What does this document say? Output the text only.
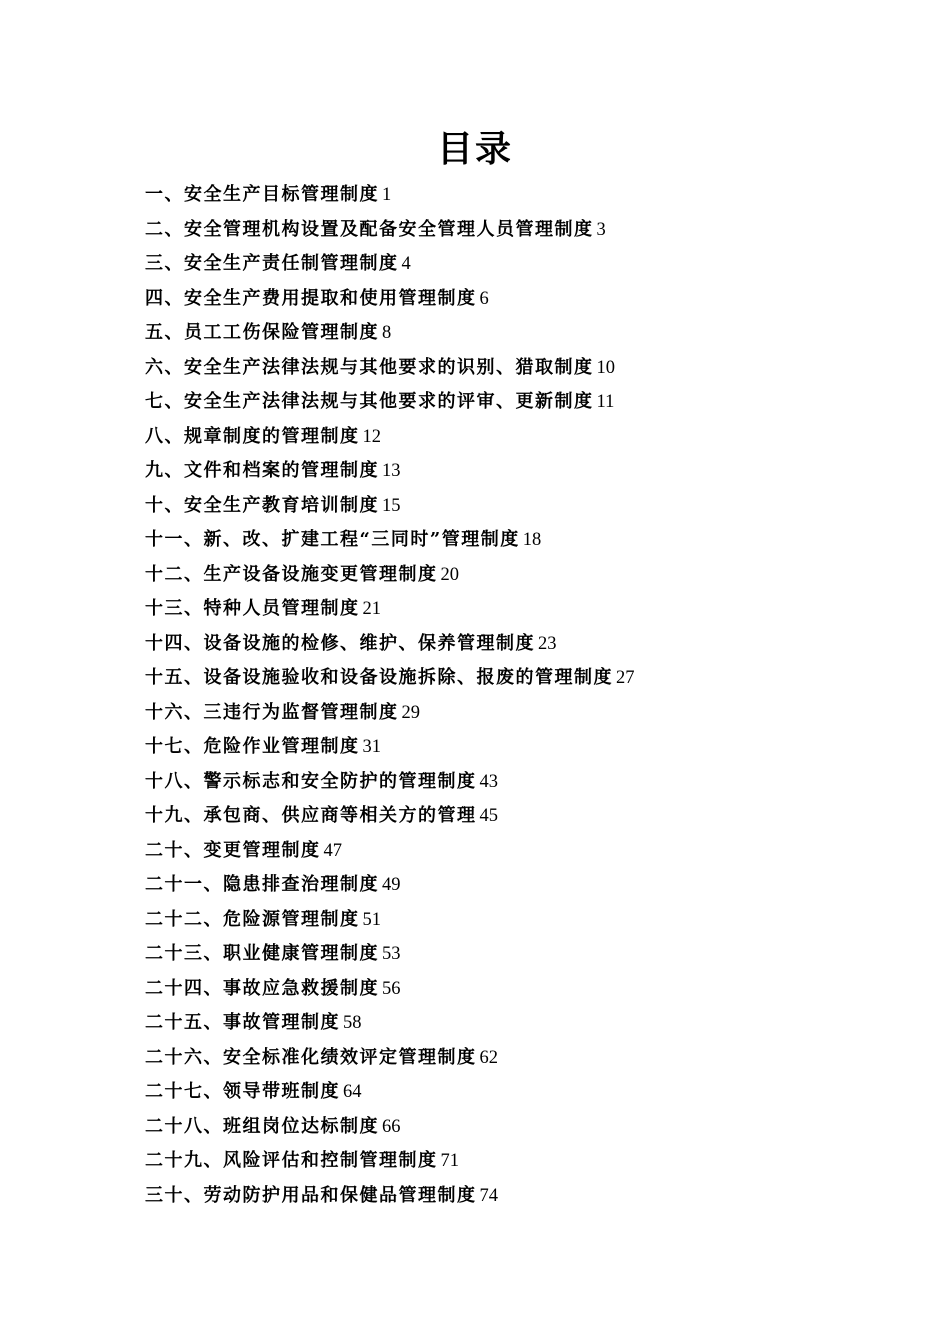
目录
一、安全生产目标管理制度 1
二、安全管理机构设置及配备安全管理人员管理制度 3
三、安全生产责任制管理制度 4
四、安全生产费用提取和使用管理制度 6
五、员工工伤保险管理制度 8
六、安全生产法律法规与其他要求的识别、猎取制度 10
七、安全生产法律法规与其他要求的评审、更新制度 11
八、规章制度的管理制度 12
九、文件和档案的管理制度 13
十、安全生产教育培训制度 15
十一、新、改、扩建工程“三同时”管理制度 18
十二、生产设备设施变更管理制度 20
十三、特种人员管理制度 21
十四、设备设施的检修、维护、保养管理制度 23
十五、设备设施验收和设备设施拆除、报废的管理制度 27
十六、三违行为监督管理制度 29
十七、危险作业管理制度 31
十八、警示标志和安全防护的管理制度 43
十九、承包商、供应商等相关方的管理 45
二十、变更管理制度 47
二十一、隐患排查治理制度 49
二十二、危险源管理制度 51
二十三、职业健康管理制度 53
二十四、事故应急救援制度 56
二十五、事故管理制度 58
二十六、安全标准化绩效评定管理制度 62
二十七、领导带班制度 64
二十八、班组岗位达标制度 66
二十九、风险评估和控制管理制度 71
三十、劳动防护用品和保健品管理制度 74
